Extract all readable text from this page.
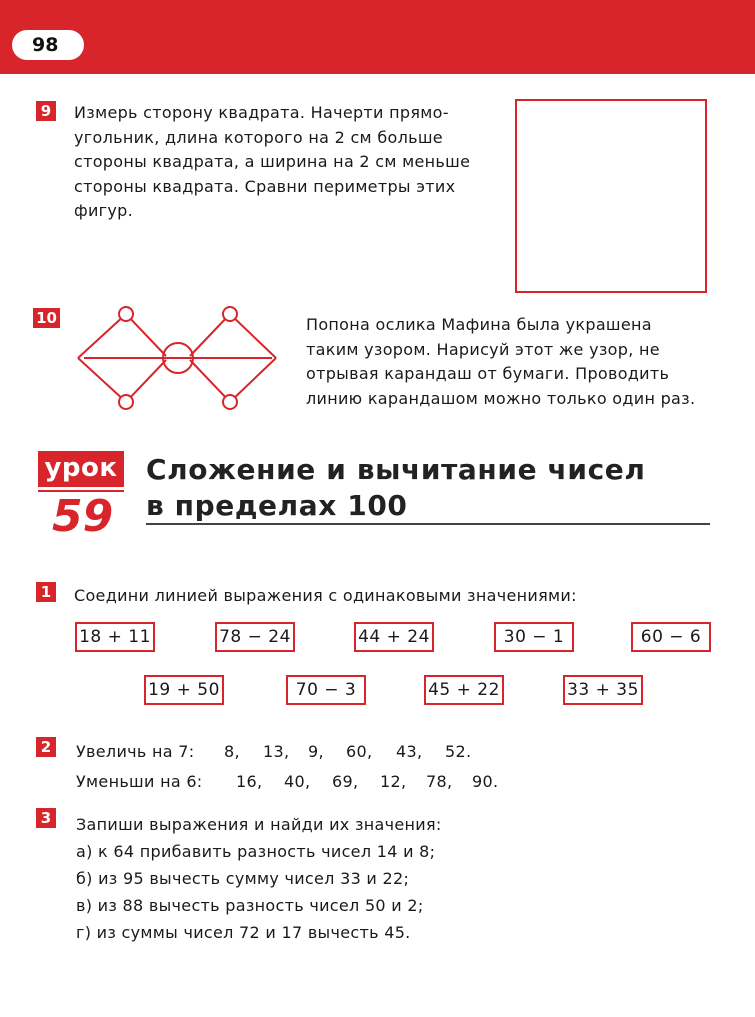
98
9 Измерь сторону квадрата. Начерти прямо-
угольник, длина которого на 2 см больше
стороны квадрата, а ширина на 2 см меньше
стороны квадрата. Сравни периметры этих
фигур.
10	Попона ослика Мафина была украшена
таким узором. Нарисуй этот же узор, не
отрывая карандаш от бумаги. Проводить
линию карандашом можно только один раз.
урок
59
Сложение и вычитание чисел
в пределах 100
1 Соедини линией выражения с одинаковыми значениями:
18 + 11	78 − 24	44 + 24	30 − 1	60 − 6
19 + 50	70 − 3	45 + 22	33 + 35
2 Увеличь на 7: 8, 13, 9, 60, 43, 52.
Уменьши на 6: 16, 40, 69, 12, 78, 90.
3 Запиши выражения и найди их значения:
а) к 64 прибавить разность чисел 14 и 8;
б) из 95 вычесть сумму чисел 33 и 22;
в) из 88 вычесть разность чисел 50 и 2;
г) из суммы чисел 72 и 17 вычесть 45.
